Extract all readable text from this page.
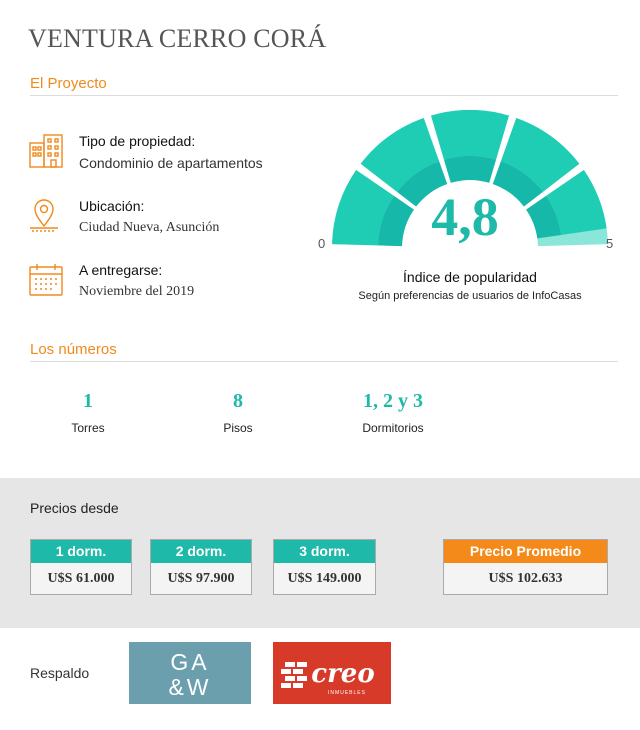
VENTURA CERRO CORÁ
El Proyecto
Tipo de propiedad:
Condominio de apartamentos
Ubicación:
Ciudad Nueva, Asunción
A entregarse:
Noviembre del 2019
0	5
4,8
Índice de popularidad
Según preferencias de usuarios de InfoCasas
Los números
1
Torres
8
Pisos
1, 2 y 3
Dormitorios
Precios desde
1 dorm.
U$S 61.000
2 dorm.
U$S 97.900
3 dorm.
U$S 149.000
Precio Promedio
U$S 102.633
Respaldo	GA
&W	creo
INMUEBLES
